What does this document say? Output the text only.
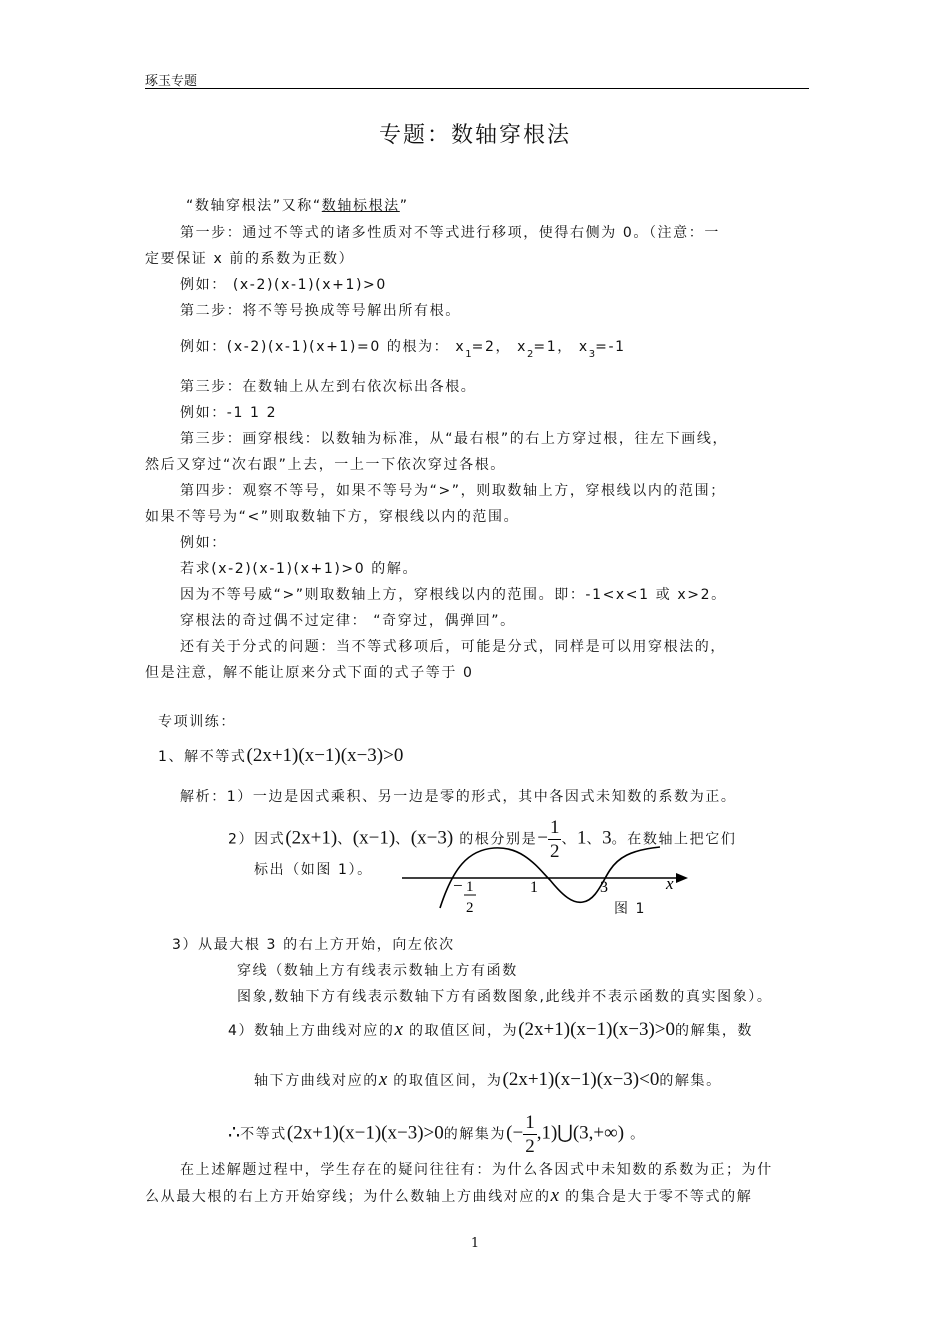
琢玉专题
专题：数轴穿根法
“数轴穿根法”又称“数轴标根法”
第一步：通过不等式的诸多性质对不等式进行移项，使得右侧为 0。（注意：一
定要保证 x 前的系数为正数）
例如： (x-2)(x-1)(x+1)>0
第二步：将不等号换成等号解出所有根。
例如：(x-2)(x-1)(x+1)=0 的根为： $x_1=2$， $x_2=1$， $x_3=-1$
第三步：在数轴上从左到右依次标出各根。
例如：-1 1 2
第三步：画穿根线：以数轴为标准，从“最右根”的右上方穿过根，往左下画线，
然后又穿过“次右跟”上去，一上一下依次穿过各根。
第四步：观察不等号，如果不等号为“>”，则取数轴上方，穿根线以内的范围；
如果不等号为“<”则取数轴下方，穿根线以内的范围。
例如：
若求(x-2)(x-1)(x+1)>0 的解。
因为不等号威“>”则取数轴上方，穿根线以内的范围。即：-1<x<1 或 x>2。
穿根法的奇过偶不过定律： “奇穿过，偶弹回”。
还有关于分式的问题：当不等式移项后，可能是分式，同样是可以用穿根法的，
但是注意，解不能让原来分式下面的式子等于 0
专项训练：
1、解不等式(2x+1)(x−1)(x−3)>0
解析：1）一边是因式乘积、另一边是零的形式，其中各因式未知数的系数为正。
2）因式(2x+1)、(x−1)、(x−3) 的根分别是− $\frac{1}{2}$ 、1、3。在数轴上把它们
标出（如图 1）。
− 1
2
1	3	x
图 1
3）从最大根 3 的右上方开始，向左依次
穿线（数轴上方有线表示数轴上方有函数
图象,数轴下方有线表示数轴下方有函数图象,此线并不表示函数的真实图象）。
4）数轴上方曲线对应的x 的取值区间，为(2x+1)(x−1)(x−3)>0的解集，数
轴下方曲线对应的x 的取值区间，为(2x+1)(x−1)(x−3)<0的解集。
∴不等式(2x+1)(x−1)(x−3)>0的解集为(− $\frac{1}{2}$ ,1)⋃(3,+∞) 。
在上述解题过程中，学生存在的疑问往往有：为什么各因式中未知数的系数为正；为什
么从最大根的右上方开始穿线；为什么数轴上方曲线对应的x 的集合是大于零不等式的解
1
